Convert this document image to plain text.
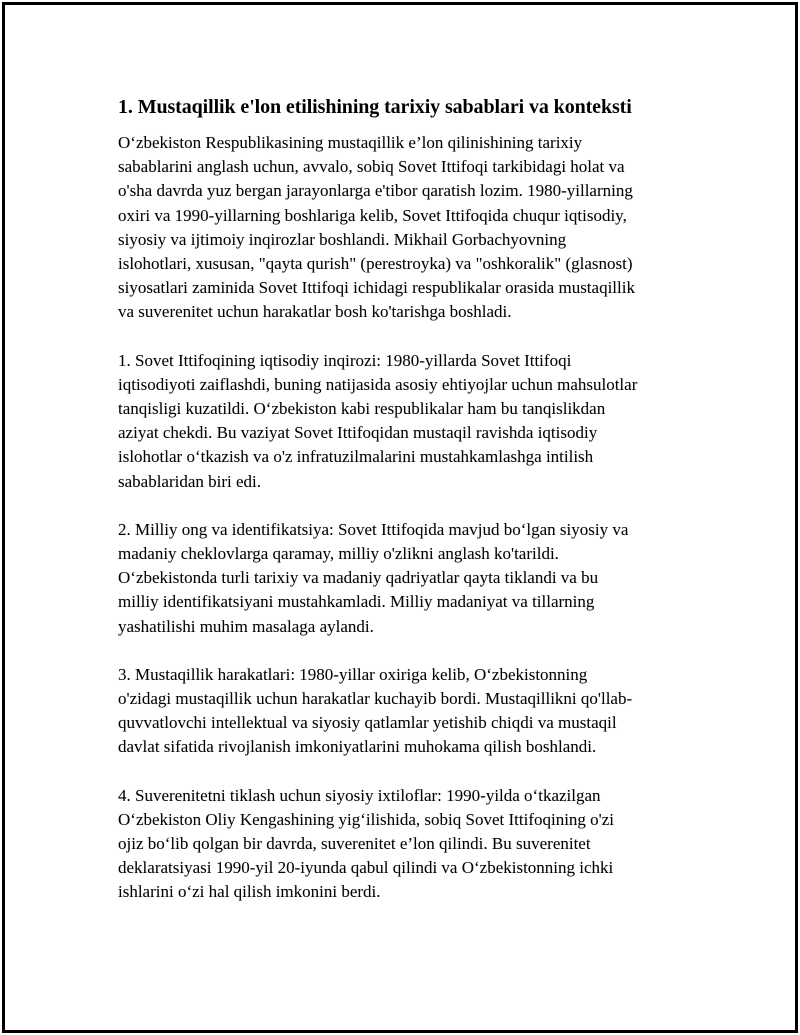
1. Mustaqillik e'lon etilishining tarixiy sabablari va konteksti

O‘zbekiston Respublikasining mustaqillik e’lon qilinishining tarixiy
sabablarini anglash uchun, avvalo, sobiq Sovet Ittifoqi tarkibidagi holat va
o'sha davrda yuz bergan jarayonlarga e'tibor qaratish lozim. 1980-yillarning
oxiri va 1990-yillarning boshlariga kelib, Sovet Ittifoqida chuqur iqtisodiy,
siyosiy va ijtimoiy inqirozlar boshlandi. Mikhail Gorbachyovning
islohotlari, xususan, "qayta qurish" (perestroyka) va "oshkoralik" (glasnost)
siyosatlari zaminida Sovet Ittifoqi ichidagi respublikalar orasida mustaqillik
va suverenitet uchun harakatlar bosh ko'tarishga boshladi.

1. Sovet Ittifoqining iqtisodiy inqirozi: 1980-yillarda Sovet Ittifoqi
iqtisodiyoti zaiflashdi, buning natijasida asosiy ehtiyojlar uchun mahsulotlar
tanqisligi kuzatildi. O‘zbekiston kabi respublikalar ham bu tanqislikdan
aziyat chekdi. Bu vaziyat Sovet Ittifoqidan mustaqil ravishda iqtisodiy
islohotlar o‘tkazish va o'z infratuzilmalarini mustahkamlashga intilish
sabablaridan biri edi.

2. Milliy ong va identifikatsiya: Sovet Ittifoqida mavjud bo‘lgan siyosiy va
madaniy cheklovlarga qaramay, milliy o'zlikni anglash ko'tarildi.
O‘zbekistonda turli tarixiy va madaniy qadriyatlar qayta tiklandi va bu
milliy identifikatsiyani mustahkamladi. Milliy madaniyat va tillarning
yashatilishi muhim masalaga aylandi.

3. Mustaqillik harakatlari: 1980-yillar oxiriga kelib, O‘zbekistonning
o'zidagi mustaqillik uchun harakatlar kuchayib bordi. Mustaqillikni qo'llab-
quvvatlovchi intellektual va siyosiy qatlamlar yetishib chiqdi va mustaqil
davlat sifatida rivojlanish imkoniyatlarini muhokama qilish boshlandi.

4. Suverenitetni tiklash uchun siyosiy ixtiloflar: 1990-yilda o‘tkazilgan
O‘zbekiston Oliy Kengashining yig‘ilishida, sobiq Sovet Ittifoqining o'zi
ojiz bo‘lib qolgan bir davrda, suverenitet e’lon qilindi. Bu suverenitet
deklaratsiyasi 1990-yil 20-iyunda qabul qilindi va O‘zbekistonning ichki
ishlarini o‘zi hal qilish imkonini berdi.
